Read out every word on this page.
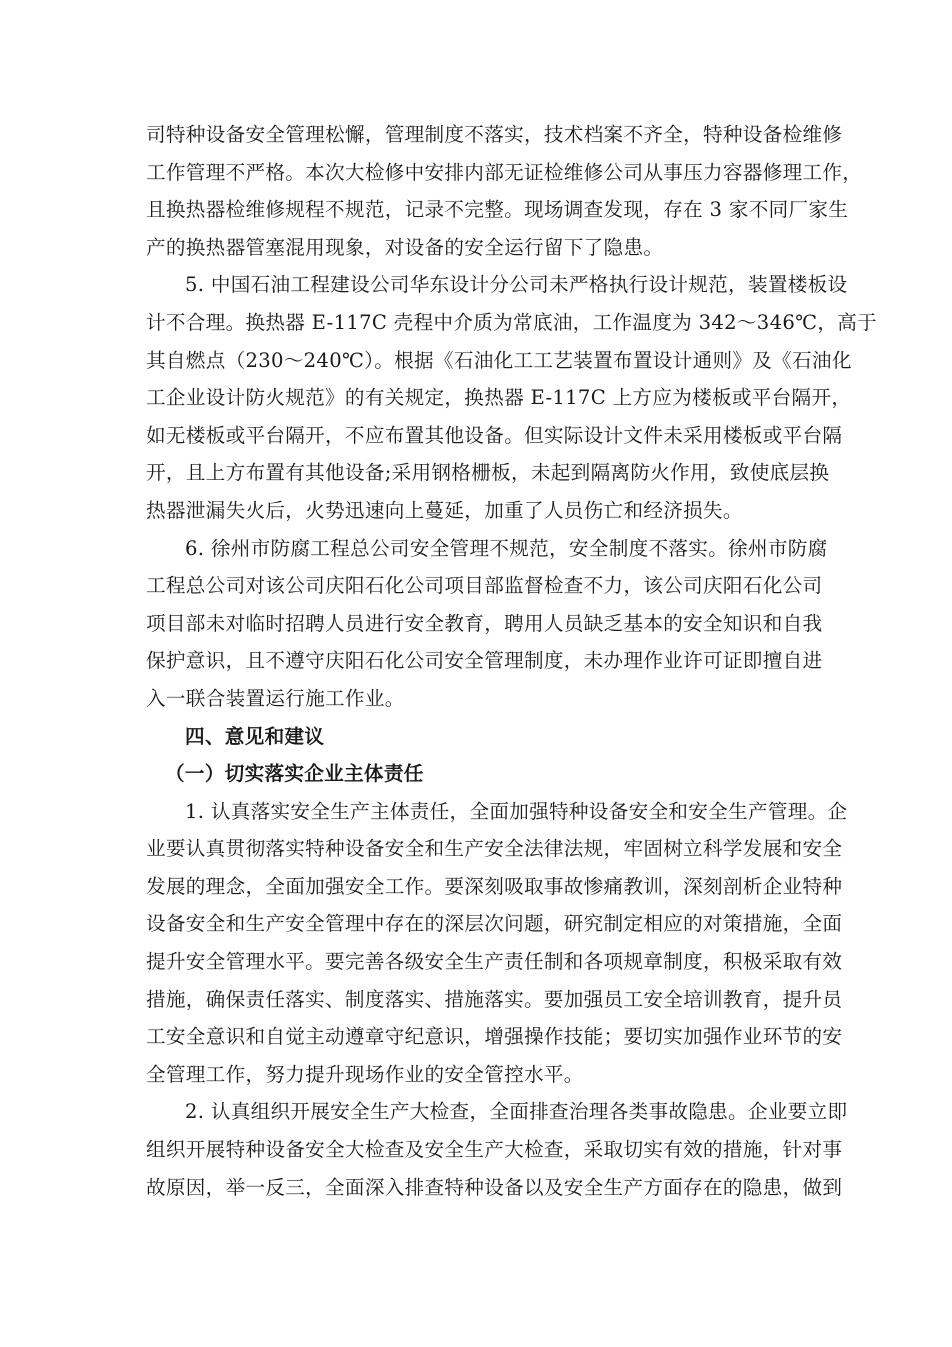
司特种设备安全管理松懈，管理制度不落实，技术档案不齐全，特种设备检维修
工作管理不严格。本次大检修中安排内部无证检维修公司从事压力容器修理工作，
且换热器检维修规程不规范，记录不完整。现场调查发现，存在 3 家不同厂家生
产的换热器管塞混用现象，对设备的安全运行留下了隐患。
5. 中国石油工程建设公司华东设计分公司未严格执行设计规范，装置楼板设
计不合理。换热器 E-117C 壳程中介质为常底油，工作温度为 342～346℃，高于
其自燃点（230～240℃）。根据《石油化工工艺装置布置设计通则》及《石油化
工企业设计防火规范》的有关规定，换热器 E-117C 上方应为楼板或平台隔开，
如无楼板或平台隔开，不应布置其他设备。但实际设计文件未采用楼板或平台隔
开，且上方布置有其他设备;采用钢格栅板，未起到隔离防火作用，致使底层换
热器泄漏失火后，火势迅速向上蔓延，加重了人员伤亡和经济损失。
6. 徐州市防腐工程总公司安全管理不规范，安全制度不落实。徐州市防腐
工程总公司对该公司庆阳石化公司项目部监督检查不力，该公司庆阳石化公司
项目部未对临时招聘人员进行安全教育，聘用人员缺乏基本的安全知识和自我
保护意识，且不遵守庆阳石化公司安全管理制度，未办理作业许可证即擅自进
入一联合装置运行施工作业。
四、意见和建议
（一）切实落实企业主体责任
1. 认真落实安全生产主体责任，全面加强特种设备安全和安全生产管理。企
业要认真贯彻落实特种设备安全和生产安全法律法规，牢固树立科学发展和安全
发展的理念，全面加强安全工作。要深刻吸取事故惨痛教训，深刻剖析企业特种
设备安全和生产安全管理中存在的深层次问题，研究制定相应的对策措施，全面
提升安全管理水平。要完善各级安全生产责任制和各项规章制度，积极采取有效
措施，确保责任落实、制度落实、措施落实。要加强员工安全培训教育，提升员
工安全意识和自觉主动遵章守纪意识，增强操作技能；要切实加强作业环节的安
全管理工作，努力提升现场作业的安全管控水平。
2. 认真组织开展安全生产大检查，全面排查治理各类事故隐患。企业要立即
组织开展特种设备安全大检查及安全生产大检查，采取切实有效的措施，针对事
故原因，举一反三，全面深入排查特种设备以及安全生产方面存在的隐患，做到
